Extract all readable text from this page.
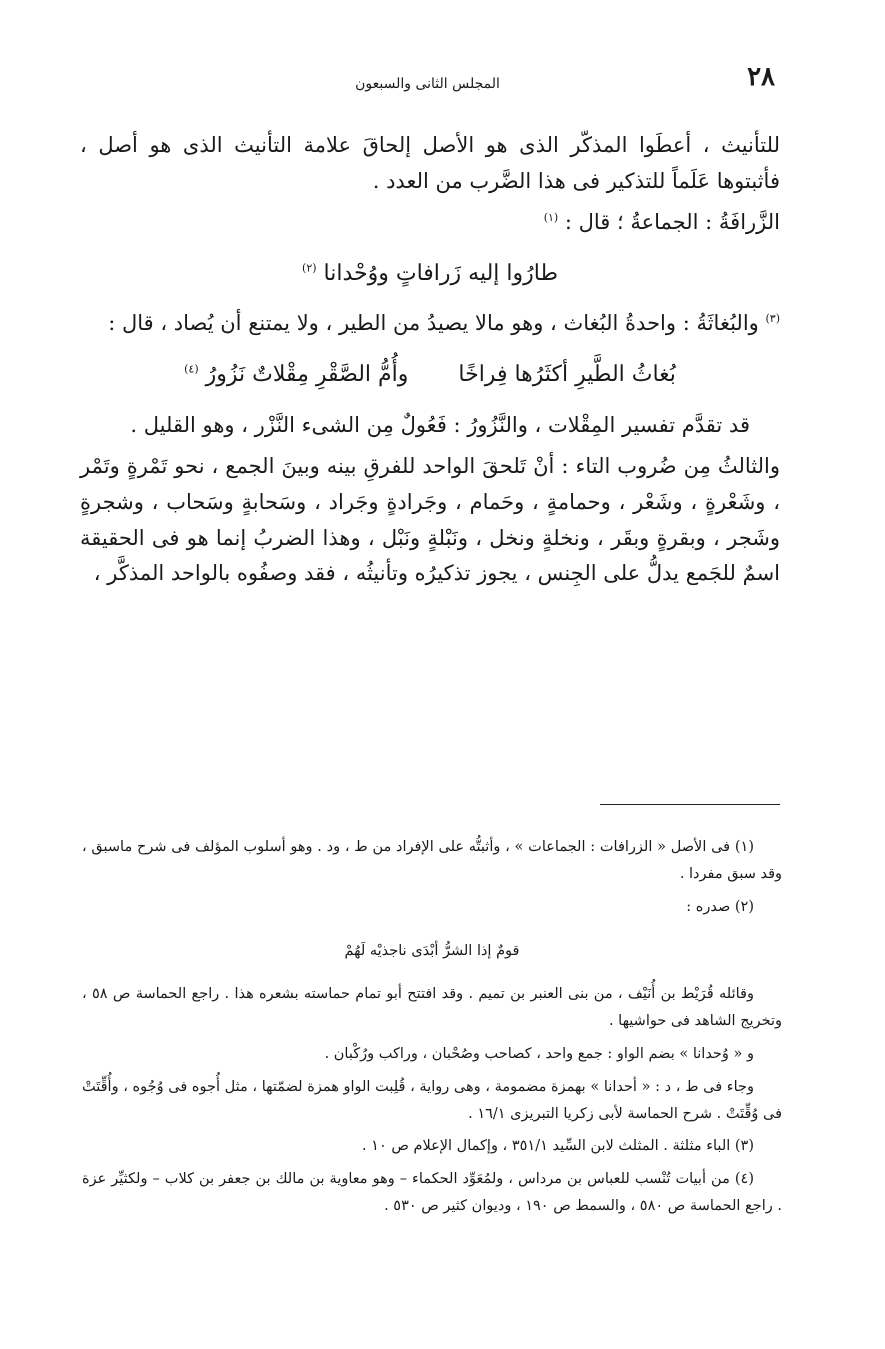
٢٨
المجلس الثانى والسبعون

للتأنيث ، أعطَوا المذكّر الذى هو الأصل إلحاقَ علامة التأنيث الذى هو أصل ، فأثبتوها عَلَماً للتذكير فى هذا الضَّرب من العدد .

الزَّرافَةُ : الجماعةُ ؛ قال : $^{(١)}$

طارُوا إليه زَرافاتٍ ووُحْدانا $^{(٢)}$

$^{(٣)}$ والبُغاثَةُ : واحدةُ البُغاث ، وهو مالا يصيدُ من الطير ، ولا يمتنع أن يُصاد ، قال :

بُغاثُ الطَّيرِ أكثَرُها فِراخًا
وأُمُّ الصَّقْرِ مِقْلاتٌ نَزُورُ $^{(٤)}$

قد تقدَّم تفسير المِقْلات ، والنَّزُورُ : فَعُولٌ مِن الشىء النَّزْر ، وهو القليل .

والثالثُ مِن ضُروب التاء : أنْ تَلحقَ الواحد للفرقِ بينه وبينَ الجمع ، نحو تَمْرةٍ وتَمْر ، وشَعْرةٍ ، وشَعْر ، وحمامةٍ ، وحَمام ، وجَرادةٍ وجَراد ، وسَحابةٍ وسَحاب ، وشجرةٍ وشَجر ، وبقرةٍ وبقَر ، ونخلةٍ ونخل ، ونَبْلةٍ ونَبْل ، وهذا الضربُ إنما هو فى الحقيقة اسمٌ للجَمع يدلُّ على الجِنس ، يجوز تذكيرُه وتأنيثُه ، فقد وصفُوه بالواحد المذكَّر ،

(١) فى الأصل « الزرافات : الجماعات » ، وأثبتُّه على الإفراد من ط ، ود . وهو أسلوب المؤلف فى شرح ماسبق ، وقد سبق مفردا .

(٢) صدره :

قومٌ إذا الشرُّ أبْدَى ناجذيْه لَهُمْ

وقائله قُرَيْط بن أُنَيْف ، من بنى العنبر بن تميم . وقد افتتح أبو تمام حماسته بشعره هذا . راجع الحماسة ص ٥٨ ، وتخريج الشاهد فى حواشيها .

و « وُحدانا » بضم الواو : جمع واحد ، كصاحب وصُحْبان ، وراكب ورُكْبان .

وجاء فى ط ، د : « أحدانا » بهمزة مضمومة ، وهى رواية ، قُلِبت الواو همزة لضمّتها ، مثل أُجوه فى وُجُوه ، وأُقِّتَتْ فى وُقِّتَتْ . شرح الحماسة لأبى زكريا التبريزى ١٦/١ .

(٣) الباء مثلثة . المثلث لابن السِّيد ٣٥١/١ ، وإكمال الإعلام ص ١٠ .

(٤) من أبيات تُنْسب للعباس بن مرداس ، ولمُعَوِّد الحكماء – وهو معاوية بن مالك بن جعفر بن كلاب – ولكثيِّر عزة . راجع الحماسة ص ٥٨٠ ، والسمط ص ١٩٠ ، وديوان كثير ص ٥٣٠ .
